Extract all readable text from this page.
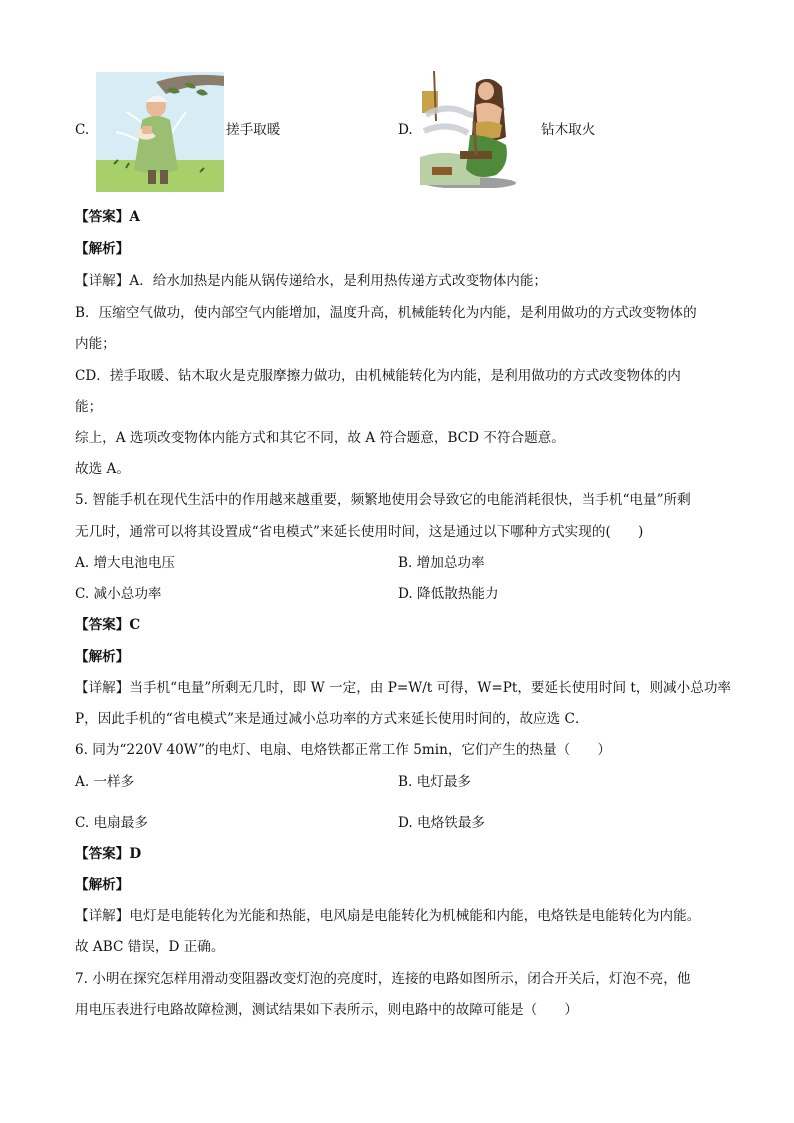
C.	搓手取暖	D.	钻木取火
【答案】A
【解析】
【详解】A．给水加热是内能从锅传递给水，是利用热传递方式改变物体内能；
B．压缩空气做功，使内部空气内能增加，温度升高，机械能转化为内能，是利用做功的方式改变物体的
内能；
CD．搓手取暖、钻木取火是克服摩擦力做功，由机械能转化为内能，是利用做功的方式改变物体的内
能；
综上，A 选项改变物体内能方式和其它不同，故 A 符合题意，BCD 不符合题意。
故选 A。
5. 智能手机在现代生活中的作用越来越重要，频繁地使用会导致它的电能消耗很快，当手机“电量”所剩
无几时，通常可以将其设置成“省电模式”来延长使用时间，这是通过以下哪种方式实现的(　　)
A. 增大电池电压	B. 增加总功率
C. 减小总功率	D. 降低散热能力
【答案】C
【解析】
【详解】当手机“电量”所剩无几时，即 W 一定，由 P=W/t 可得，W=Pt，要延长使用时间 t，则减小总功率
P，因此手机的“省电模式”来是通过减小总功率的方式来延长使用时间的，故应选 C．
6. 同为“220V 40W”的电灯、电扇、电烙铁都正常工作 5min，它们产生的热量（　　）
A. 一样多	B. 电灯最多
C. 电扇最多	D. 电烙铁最多
【答案】D
【解析】
【详解】电灯是电能转化为光能和热能，电风扇是电能转化为机械能和内能，电烙铁是电能转化为内能。
故 ABC 错误，D 正确。
7. 小明在探究怎样用滑动变阻器改变灯泡的亮度时，连接的电路如图所示，闭合开关后，灯泡不亮，他
用电压表进行电路故障检测，测试结果如下表所示，则电路中的故障可能是（　　）
